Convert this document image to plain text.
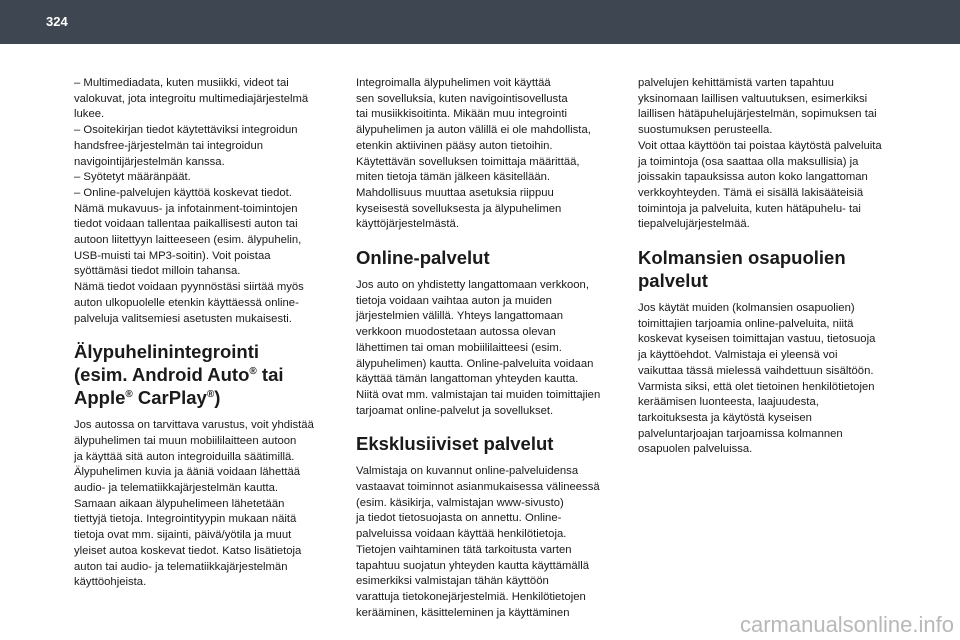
324
– Multimediadata, kuten musiikki, videot tai
valokuvat, jota integroitu multimediajärjestelmä
lukee.
– Osoitekirjan tiedot käytettäviksi integroidun
handsfree-järjestelmän tai integroidun
navigointijärjestelmän kanssa.
– Syötetyt määränpäät.
– Online-palvelujen käyttöä koskevat tiedot.
Nämä mukavuus- ja infotainment-toimintojen
tiedot voidaan tallentaa paikallisesti auton tai
autoon liitettyyn laitteeseen (esim. älypuhelin,
USB-muisti tai MP3-soitin). Voit poistaa
syöttämäsi tiedot milloin tahansa.
Nämä tiedot voidaan pyynnöstäsi siirtää myös
auton ulkopuolelle etenkin käyttäessä online-
palveluja valitsemiesi asetusten mukaisesti.
Älypuhelinintegrointi
(esim. Android Auto® tai
Apple® CarPlay®)
Jos autossa on tarvittava varustus, voit yhdistää
älypuhelimen tai muun mobiililaitteen autoon
ja käyttää sitä auton integroiduilla säätimillä.
Älypuhelimen kuvia ja ääniä voidaan lähettää
audio- ja telematiikkajärjestelmän kautta.
Samaan aikaan älypuhelimeen lähetetään
tiettyjä tietoja. Integrointityypin mukaan näitä
tietoja ovat mm. sijainti, päivä/yötila ja muut
yleiset autoa koskevat tiedot. Katso lisätietoja
auton tai audio- ja telematiikkajärjestelmän
käyttöohjeista.
Integroimalla älypuhelimen voit käyttää
sen sovelluksia, kuten navigointisovellusta
tai musiikkisoitinta. Mikään muu integrointi
älypuhelimen ja auton välillä ei ole mahdollista,
etenkin aktiivinen pääsy auton tietoihin.
Käytettävän sovelluksen toimittaja määrittää,
miten tietoja tämän jälkeen käsitellään.
Mahdollisuus muuttaa asetuksia riippuu
kyseisestä sovelluksesta ja älypuhelimen
käyttöjärjestelmästä.
Online-palvelut
Jos auto on yhdistetty langattomaan verkkoon,
tietoja voidaan vaihtaa auton ja muiden
järjestelmien välillä. Yhteys langattomaan
verkkoon muodostetaan autossa olevan
lähettimen tai oman mobiililaitteesi (esim.
älypuhelimen) kautta. Online-palveluita voidaan
käyttää tämän langattoman yhteyden kautta.
Niitä ovat mm. valmistajan tai muiden toimittajien
tarjoamat online-palvelut ja sovellukset.
Eksklusiiviset palvelut
Valmistaja on kuvannut online-palveluidensa
vastaavat toiminnot asianmukaisessa välineessä
(esim. käsikirja, valmistajan www-sivusto)
ja tiedot tietosuojasta on annettu. Online-
palveluissa voidaan käyttää henkilötietoja.
Tietojen vaihtaminen tätä tarkoitusta varten
tapahtuu suojatun yhteyden kautta käyttämällä
esimerkiksi valmistajan tähän käyttöön
varattuja tietokonejärjestelmiä. Henkilötietojen
kerääminen, käsitteleminen ja käyttäminen
palvelujen kehittämistä varten tapahtuu
yksinomaan laillisen valtuutuksen, esimerkiksi
laillisen hätäpuhelujärjestelmän, sopimuksen tai
suostumuksen perusteella.
Voit ottaa käyttöön tai poistaa käytöstä palveluita
ja toimintoja (osa saattaa olla maksullisia) ja
joissakin tapauksissa auton koko langattoman
verkkoyhteyden. Tämä ei sisällä lakisääteisiä
toimintoja ja palveluita, kuten hätäpuhelu- tai
tiepalvelujärjestelmää.
Kolmansien osapuolien
palvelut
Jos käytät muiden (kolmansien osapuolien)
toimittajien tarjoamia online-palveluita, niitä
koskevat kyseisen toimittajan vastuu, tietosuoja
ja käyttöehdot. Valmistaja ei yleensä voi
vaikuttaa tässä mielessä vaihdettuun sisältöön.
Varmista siksi, että olet tietoinen henkilötietojen
keräämisen luonteesta, laajuudesta,
tarkoituksesta ja käytöstä kyseisen
palveluntarjoajan tarjoamissa kolmannen
osapuolen palveluissa.
carmanualsonline.info
